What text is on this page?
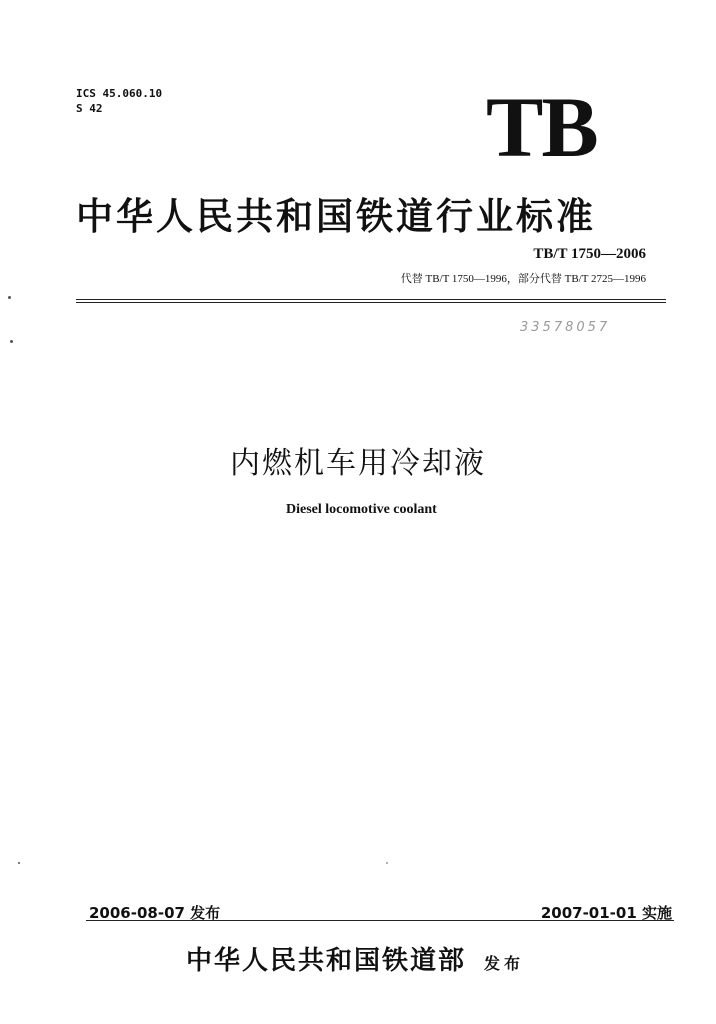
ICS 45.060.10
S 42	TB
中华人民共和国铁道行业标准
TB/T 1750—2006
代替 TB/T 1750—1996，部分代替 TB/T 2725—1996
33578057
内燃机车用冷却液
Diesel locomotive coolant
2006-08-07 发布	2007-01-01 实施
中华人民共和国铁道部 发布
